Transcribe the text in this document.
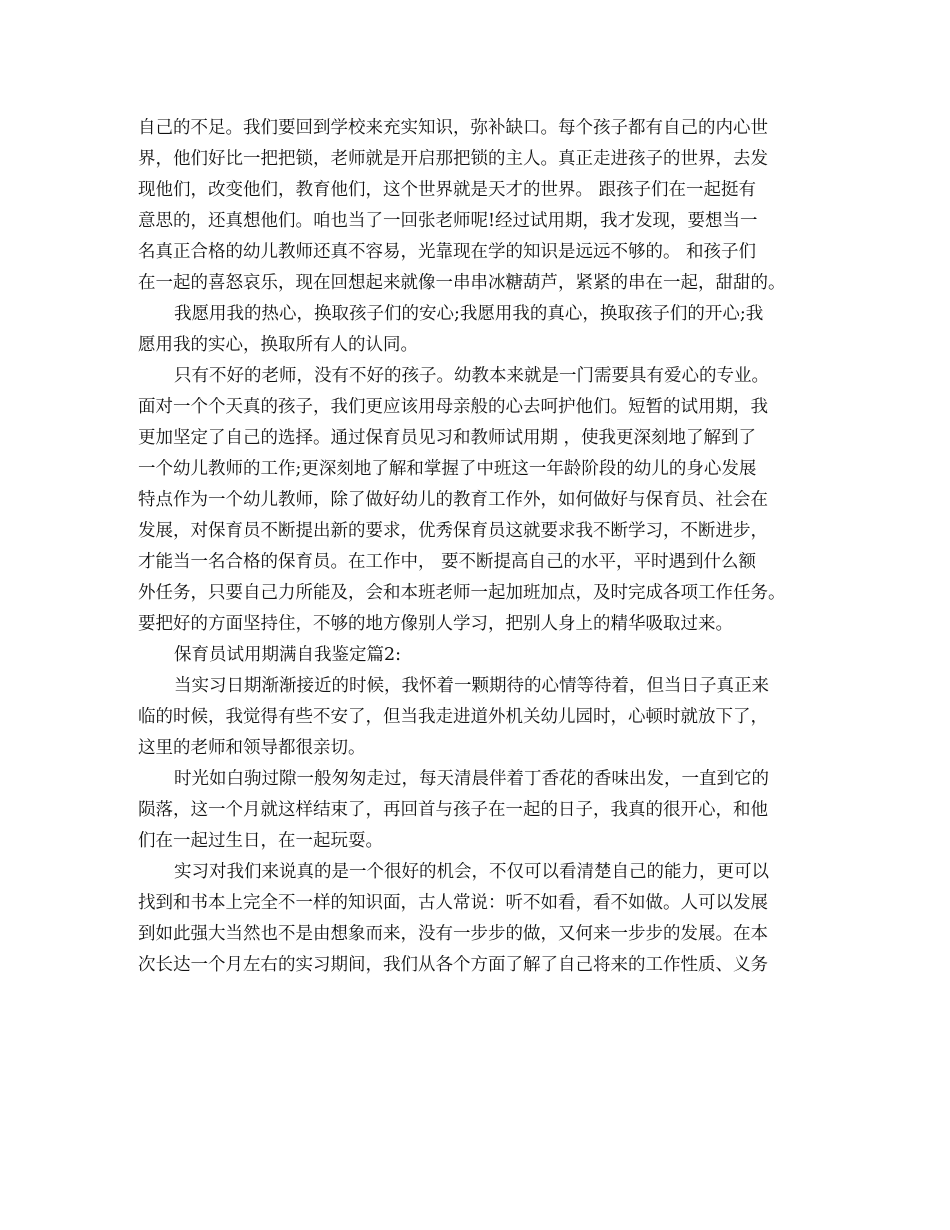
自己的不足。我们要回到学校来充实知识，弥补缺口。每个孩子都有自己的内心世
界，他们好比一把把锁，老师就是开启那把锁的主人。真正走进孩子的世界，去发
现他们，改变他们，教育他们，这个世界就是天才的世界。 跟孩子们在一起挺有
意思的，还真想他们。咱也当了一回张老师呢!经过试用期，我才发现，要想当一
名真正合格的幼儿教师还真不容易，光靠现在学的知识是远远不够的。 和孩子们
在一起的喜怒哀乐，现在回想起来就像一串串冰糖葫芦，紧紧的串在一起，甜甜的。
我愿用我的热心，换取孩子们的安心;我愿用我的真心，换取孩子们的开心;我
愿用我的实心，换取所有人的认同。
只有不好的老师，没有不好的孩子。幼教本来就是一门需要具有爱心的专业。
面对一个个天真的孩子，我们更应该用母亲般的心去呵护他们。短暂的试用期，我
更加坚定了自己的选择。通过保育员见习和教师试用期 ，使我更深刻地了解到了
一个幼儿教师的工作;更深刻地了解和掌握了中班这一年龄阶段的幼儿的身心发展
特点作为一个幼儿教师，除了做好幼儿的教育工作外，如何做好与保育员、社会在
发展，对保育员不断提出新的要求，优秀保育员这就要求我不断学习，不断进步，
才能当一名合格的保育员。在工作中， 要不断提高自己的水平，平时遇到什么额
外任务，只要自己力所能及，会和本班老师一起加班加点，及时完成各项工作任务。
要把好的方面坚持住，不够的地方像别人学习，把别人身上的精华吸取过来。
保育员试用期满自我鉴定篇2:
当实习日期渐渐接近的时候，我怀着一颗期待的心情等待着，但当日子真正来
临的时候，我觉得有些不安了，但当我走进道外机关幼儿园时，心顿时就放下了，
这里的老师和领导都很亲切。
时光如白驹过隙一般匆匆走过，每天清晨伴着丁香花的香味出发，一直到它的
陨落，这一个月就这样结束了，再回首与孩子在一起的日子，我真的很开心，和他
们在一起过生日，在一起玩耍。
实习对我们来说真的是一个很好的机会，不仅可以看清楚自己的能力，更可以
找到和书本上完全不一样的知识面，古人常说：听不如看，看不如做。人可以发展
到如此强大当然也不是由想象而来，没有一步步的做，又何来一步步的发展。在本
次长达一个月左右的实习期间，我们从各个方面了解了自己将来的工作性质、义务
